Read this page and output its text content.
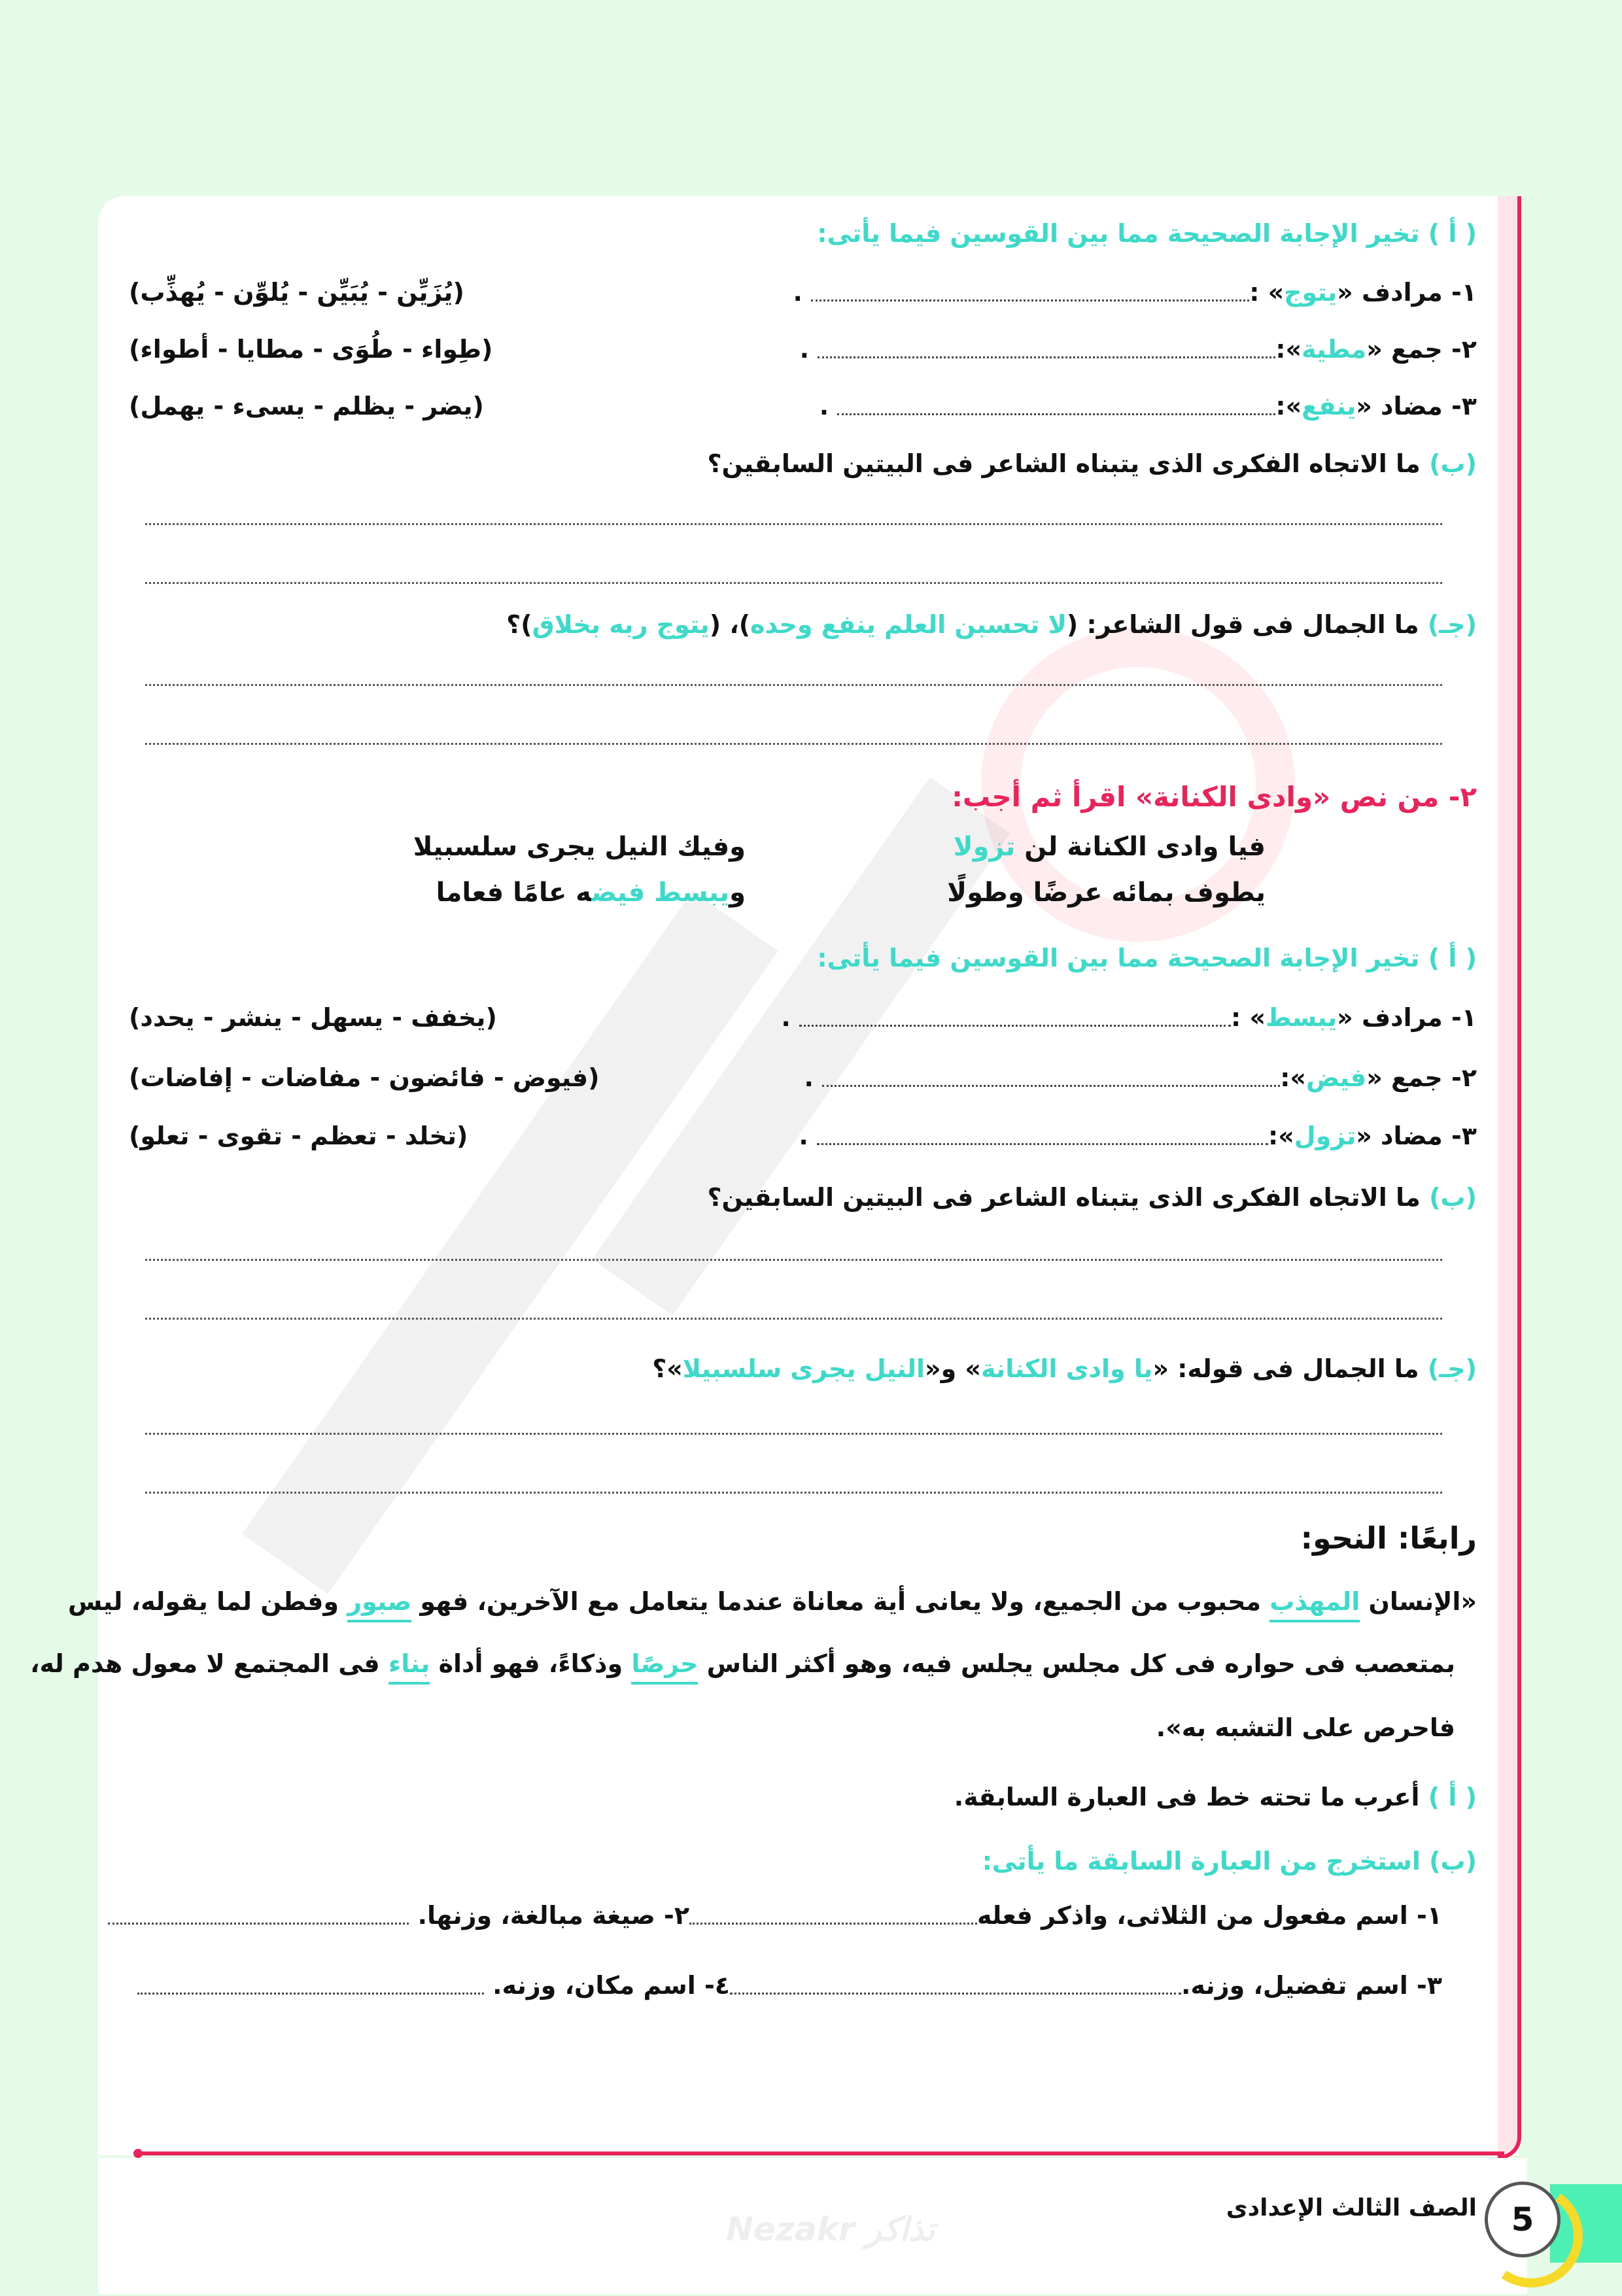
( أ ) تخير الإجابة الصحيحة مما بين القوسين فيما يأتى:
١- مرادف «يتوج» : .
(يُزَيِّن - يُبَيِّن - يُلوِّن - يُهذِّب)
٢- جمع «مطية»: .
(طِواء - طُوَى - مطايا - أطواء)
٣- مضاد «ينفع»: .
(يضر - يظلم - يسىء - يهمل)
(ب) ما الاتجاه الفكرى الذى يتبناه الشاعر فى البيتين السابقين؟
(جـ) ما الجمال فى قول الشاعر: (لا تحسبن العلم ينفع وحده)، (يتوج ربه بخلاق)؟
٢- من نص «وادى الكنانة» اقرأ ثم أجب:
فيا وادى الكنانة لن تزولا
وفيك النيل يجرى سلسبيلا
يطوف بمائه عرضًا وطولًا
ويبسط فيضه عامًا فعاما
( أ ) تخير الإجابة الصحيحة مما بين القوسين فيما يأتى:
١- مرادف «يبسط» : .
(يخفف - يسهل - ينشر - يحدد)
٢- جمع «فيض»: .
(فيوض - فائضون - مفاضات - إفاضات)
٣- مضاد «تزول»: .
(تخلد - تعظم - تقوى - تعلو)
(ب) ما الاتجاه الفكرى الذى يتبناه الشاعر فى البيتين السابقين؟
(جـ) ما الجمال فى قوله: «يا وادى الكنانة» و«النيل يجرى سلسبيلا»؟
رابعًا: النحو:
«الإنسان المهذب محبوب من الجميع، ولا يعانى أية معاناة عندما يتعامل مع الآخرين، فهو صبور وفطن لما يقوله، ليس
بمتعصب فى حواره فى كل مجلس يجلس فيه، وهو أكثر الناس حرصًا وذكاءً، فهو أداة بناء فى المجتمع لا معول هدم له،
فاحرص على التشبه به».
( أ ) أعرب ما تحته خط فى العبارة السابقة.
(ب) استخرج من العبارة السابقة ما يأتى:
١- اسم مفعول من الثلاثى، واذكر فعله٢- صيغة مبالغة، وزنها.
٣- اسم تفضيل، وزنه.٤- اسم مكان، وزنه.
5
الصف الثالث الإعدادى
Nezakr تذاكر
